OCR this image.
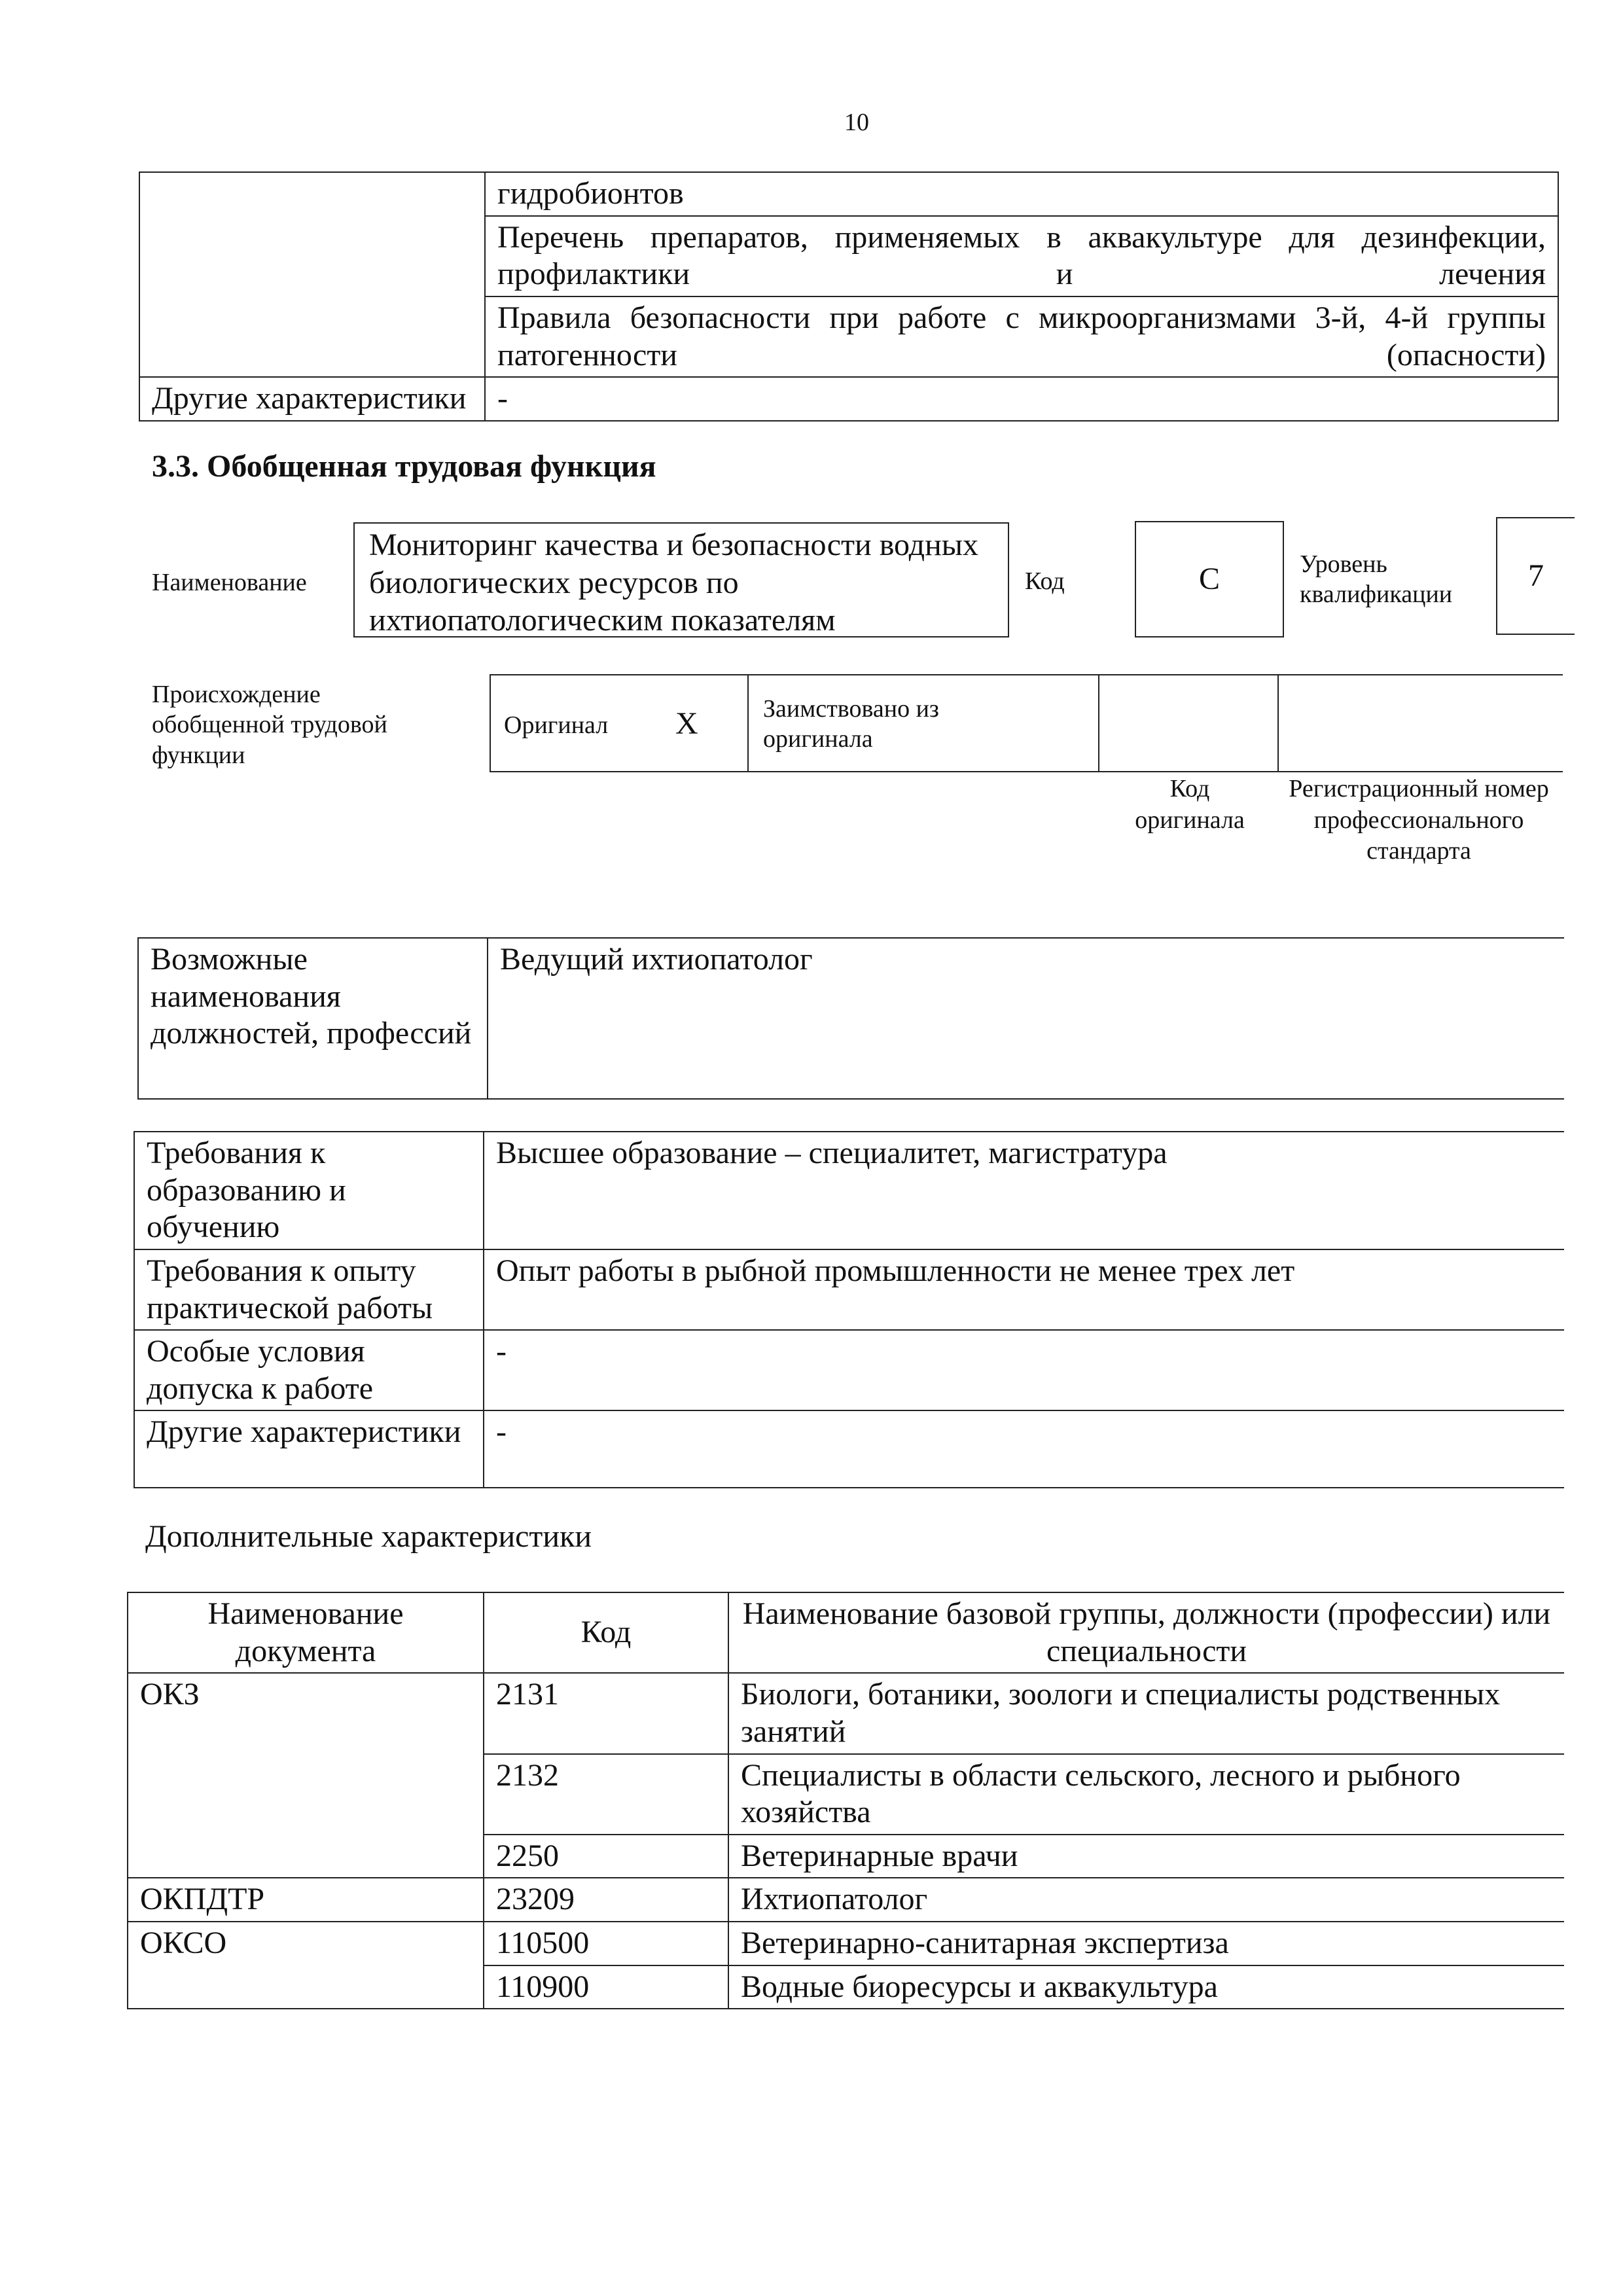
10
	гидробионтов
	Перечень препаратов, применяемых в аквакультуре для дезинфекции, профилактики и лечения
	Правила безопасности при работе с микроорганизмами 3-й, 4-й группы патогенности (опасности)
Другие характеристики	-
3.3. Обобщенная трудовая функция
Наименование
Мониторинг качества и безопасности водных биологических ресурсов по ихтиопатологическим показателям
Код	C	Уровень квалификации
7
Происхождение обобщенной трудовой функции
Оригинал X	Заимствовано из оригинала
Код оригинала
Регистрационный номер профессионального стандарта
Возможные наименования должностей, профессий	Ведущий ихтиопатолог
Требования к образованию и обучению	Высшее образование – специалитет, магистратура
Требования к опыту практической работы	Опыт работы в рыбной промышленности не менее трех лет
Особые условия допуска к работе	-
Другие характеристики	-
Дополнительные характеристики
Наименование документа	Код	Наименование базовой группы, должности (профессии) или специальности
ОКЗ	2131	Биологи, ботаники, зоологи и специалисты родственных занятий
	2132	Специалисты в области сельского, лесного и рыбного хозяйства
	2250	Ветеринарные врачи
ОКПДТР	23209	Ихтиопатолог
ОКСО	110500	Ветеринарно-санитарная экспертиза
	110900	Водные биоресурсы и аквакультура
